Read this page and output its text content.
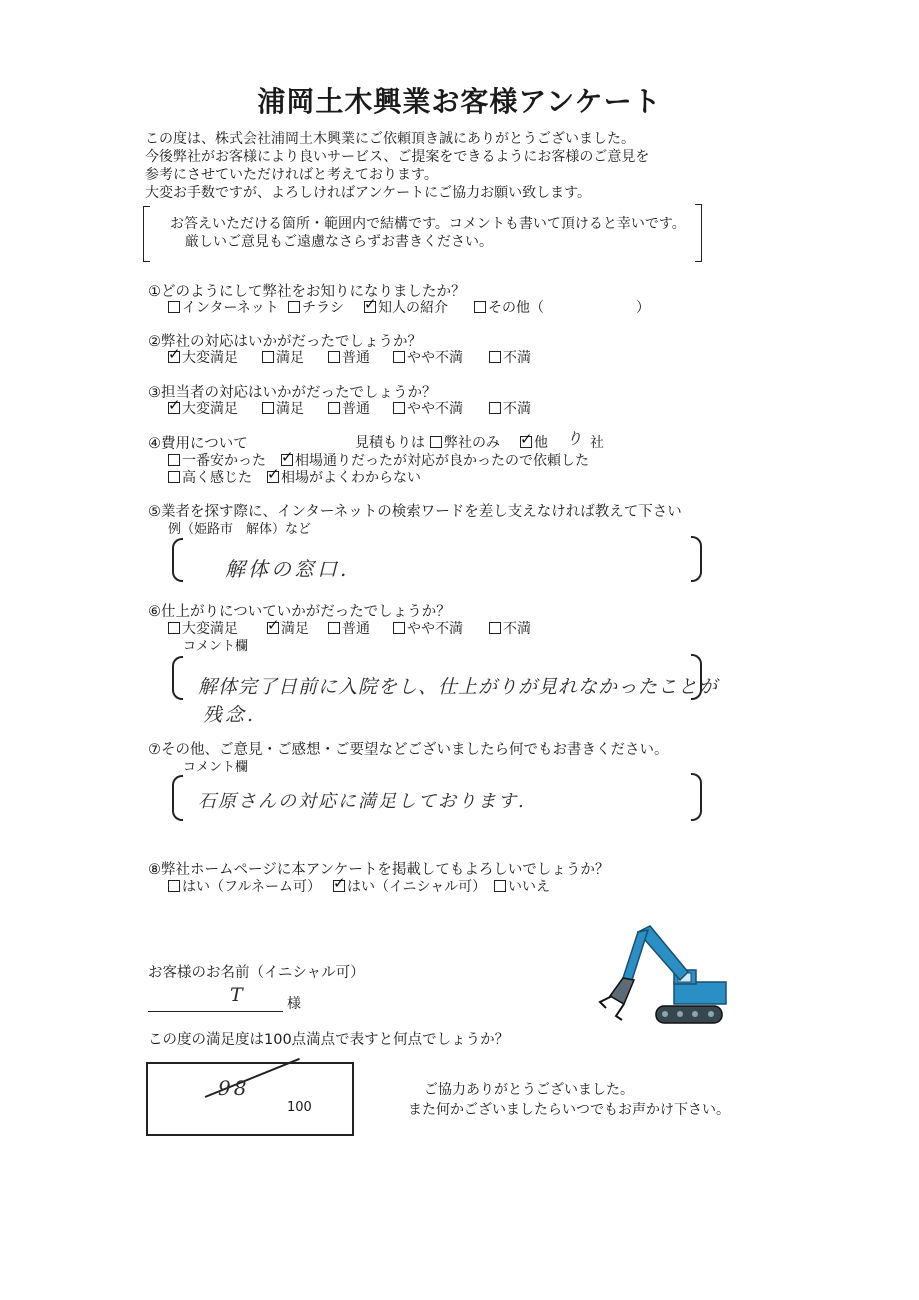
浦岡土木興業お客様アンケート
この度は、株式会社浦岡土木興業にご依頼頂き誠にありがとうございました。
今後弊社がお客様により良いサービス、ご提案をできるようにお客様のご意見を
参考にさせていただければと考えております。
大変お手数ですが、よろしければアンケートにご協力お願い致します。
お答えいただける箇所・範囲内で結構です。コメントも書いて頂けると幸いです。
厳しいご意見もご遠慮なさらずお書きください。
①どのようにして弊社をお知りになりましたか？
インターネット	チラシ ✓	知人の紹介	その他（	）
②弊社の対応はいかがだったでしょうか？
✓大変満足	満足	普通	やや不満	不満
③担当者の対応はいかがだったでしょうか？
✓大変満足	満足	普通	やや不満	不満
④費用について	見積もりは	弊社のみ ✓	他 り 社
一番安かった ✓	相場通りだったが対応が良かったので依頼した
高く感じた ✓	相場がよくわからない
⑤業者を探す際に、インターネットの検索ワードを差し支えなければ教えて下さい
例（姫路市　解体）など
解体の窓口.
⑥仕上がりについていかがだったでしょうか？
大変満足 ✓	満足	普通	やや不満	不満
コメント欄
解体完了日前に入院をし、仕上がりが見れなかったことが
残念.
⑦その他、ご意見・ご感想・ご要望などございましたら何でもお書きください。
コメント欄
石原さんの対応に満足しております.
⑧弊社ホームページに本アンケートを掲載してもよろしいでしょうか？
はい（フルネーム可） ✓	はい（イニシャル可）	いいえ
お客様のお名前（イニシャル可）
T	様
この度の満足度は100点満点で表すと何点でしょうか？
98
100
ご協力ありがとうございました。
また何かございましたらいつでもお声かけ下さい。
